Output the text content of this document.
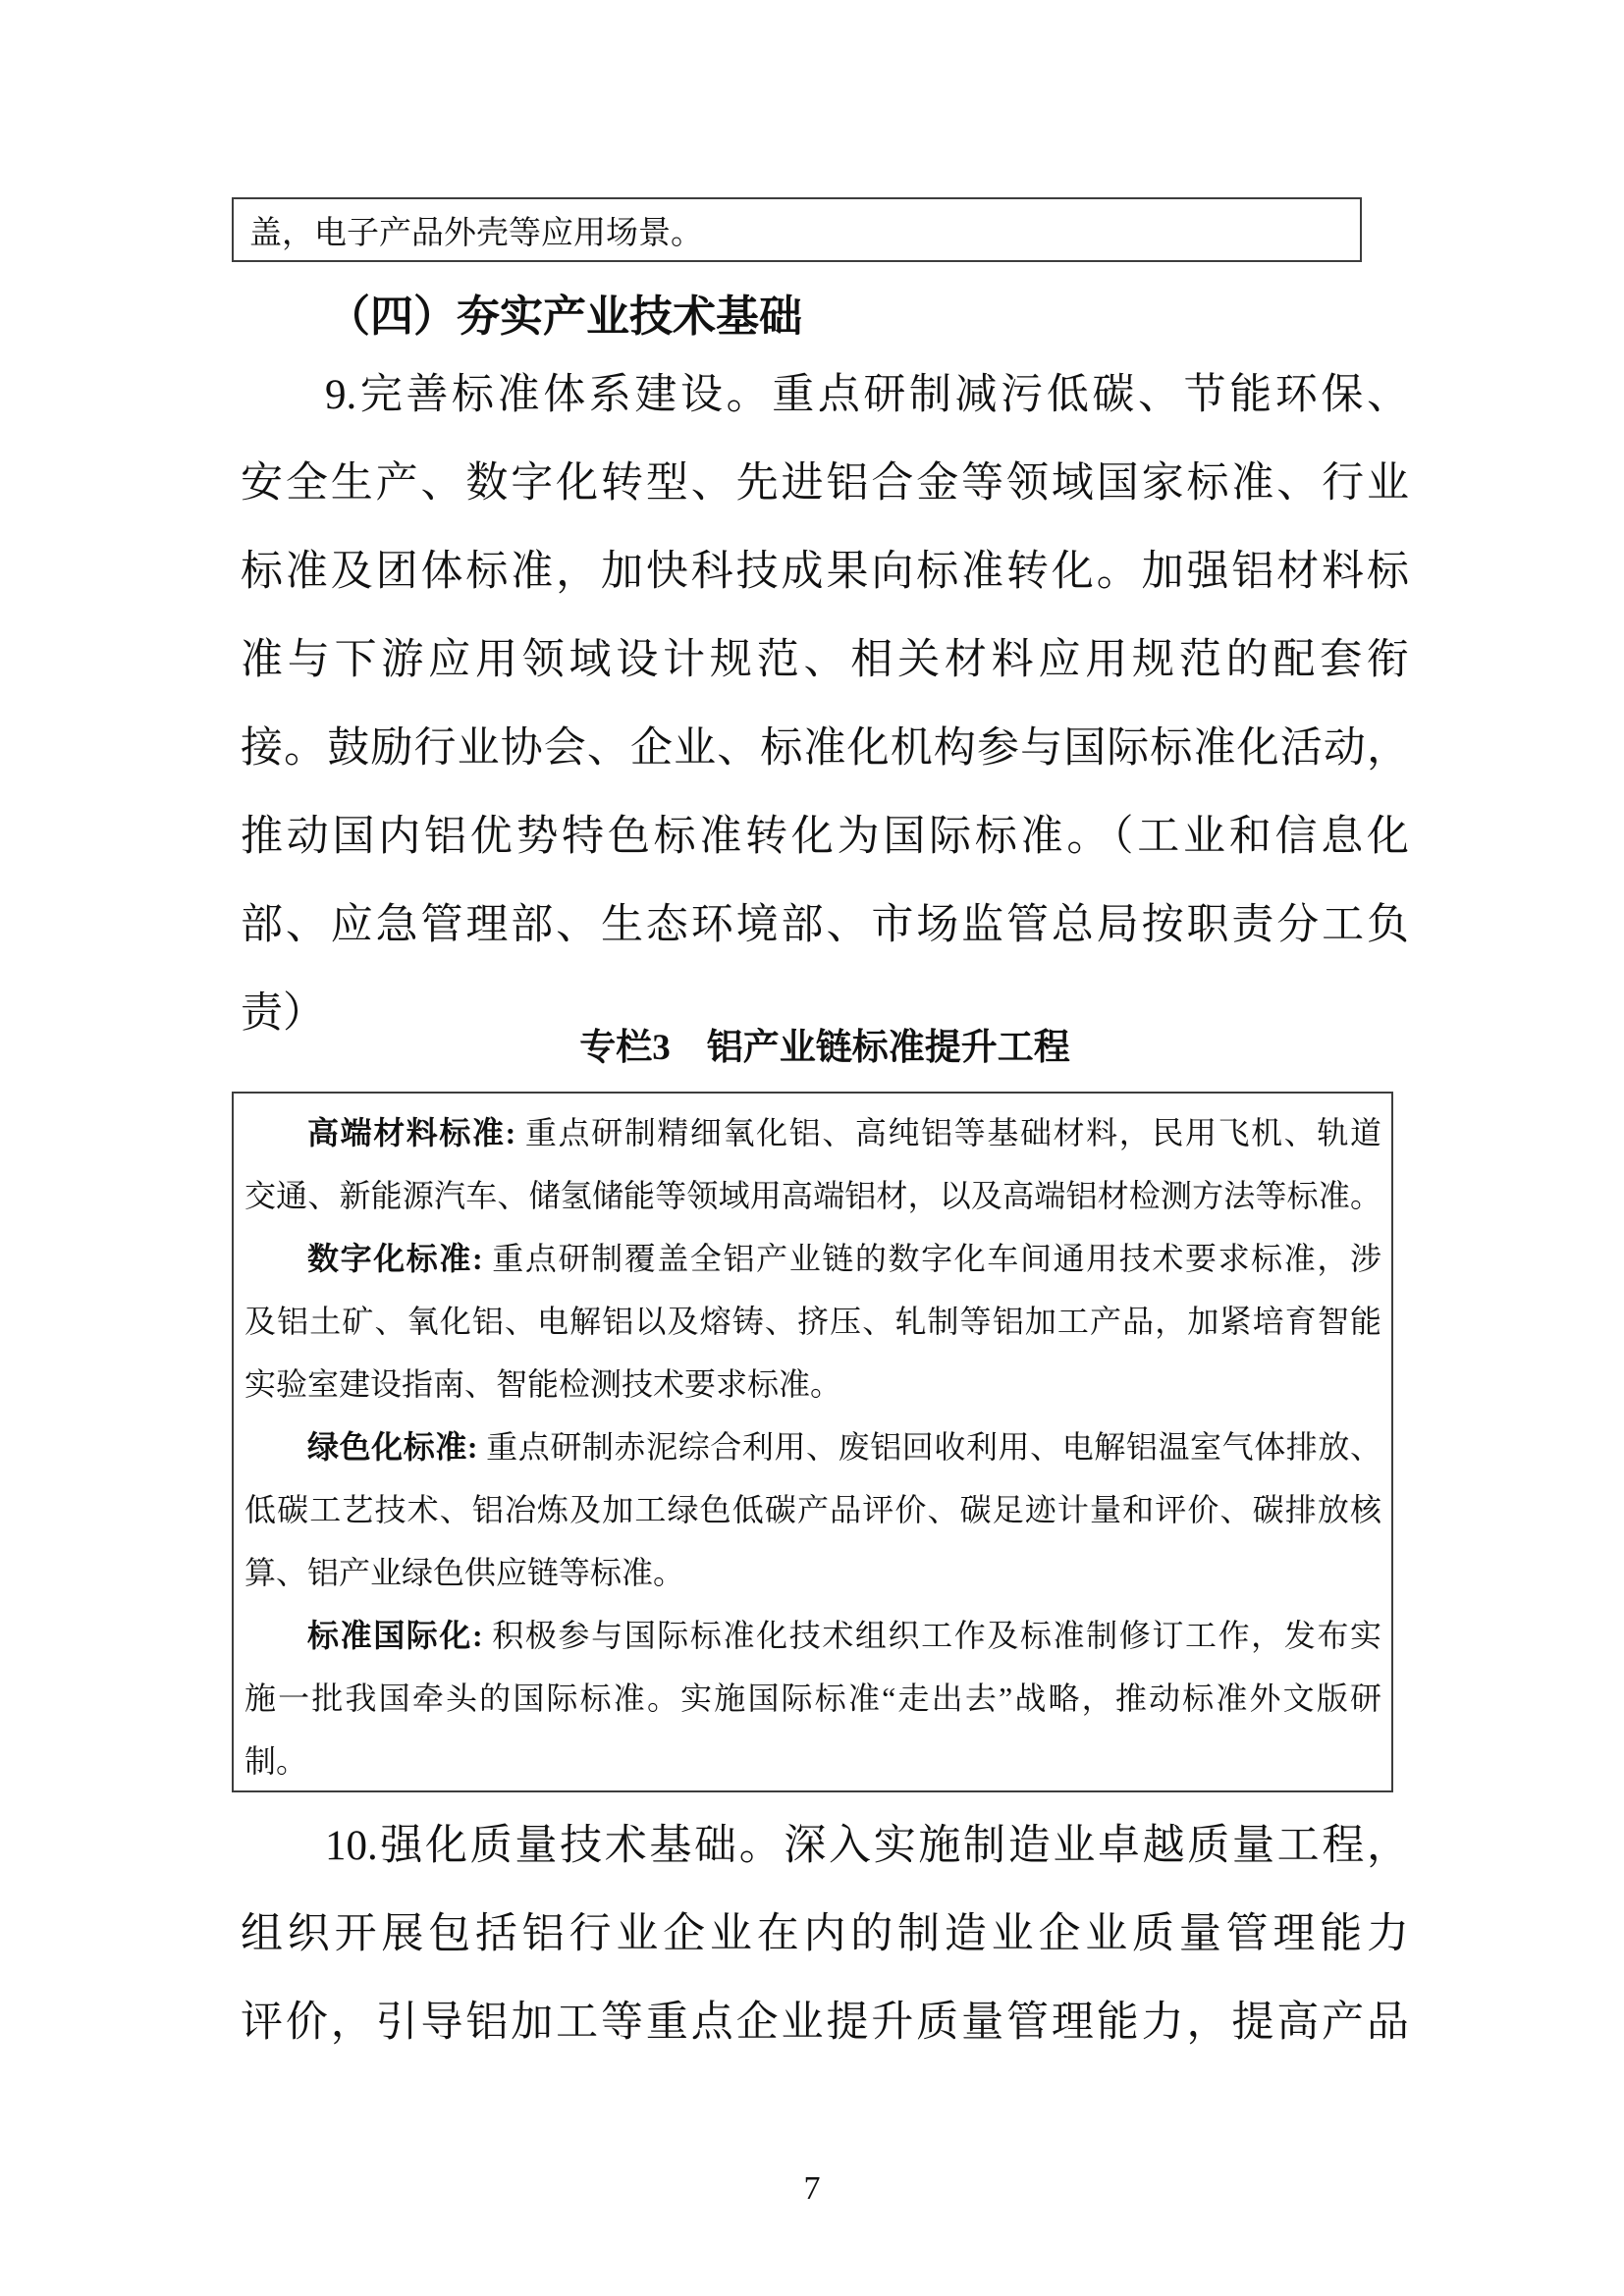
盖，电子产品外壳等应用场景。
（四）夯实产业技术基础
9.完善标准体系建设。重点研制减污低碳、节能环保、
安全生产、数字化转型、先进铝合金等领域国家标准、行业
标准及团体标准，加快科技成果向标准转化。加强铝材料标
准与下游应用领域设计规范、相关材料应用规范的配套衔
接。鼓励行业协会、企业、标准化机构参与国际标准化活动，
推动国内铝优势特色标准转化为国际标准。（工业和信息化
部、应急管理部、生态环境部、市场监管总局按职责分工负
责）
专栏3　铝产业链标准提升工程
高端材料标准: 重点研制精细氧化铝、高纯铝等基础材料，民用飞机、轨道
交通、新能源汽车、储氢储能等领域用高端铝材，以及高端铝材检测方法等标准。
数字化标准: 重点研制覆盖全铝产业链的数字化车间通用技术要求标准，涉
及铝土矿、氧化铝、电解铝以及熔铸、挤压、轧制等铝加工产品，加紧培育智能
实验室建设指南、智能检测技术要求标准。
绿色化标准: 重点研制赤泥综合利用、废铝回收利用、电解铝温室气体排放、
低碳工艺技术、铝冶炼及加工绿色低碳产品评价、碳足迹计量和评价、碳排放核
算、铝产业绿色供应链等标准。
标准国际化: 积极参与国际标准化技术组织工作及标准制修订工作，发布实
施一批我国牵头的国际标准。实施国际标准“走出去”战略，推动标准外文版研
制。
10.强化质量技术基础。深入实施制造业卓越质量工程，
组织开展包括铝行业企业在内的制造业企业质量管理能力
评价，引导铝加工等重点企业提升质量管理能力，提高产品
7
